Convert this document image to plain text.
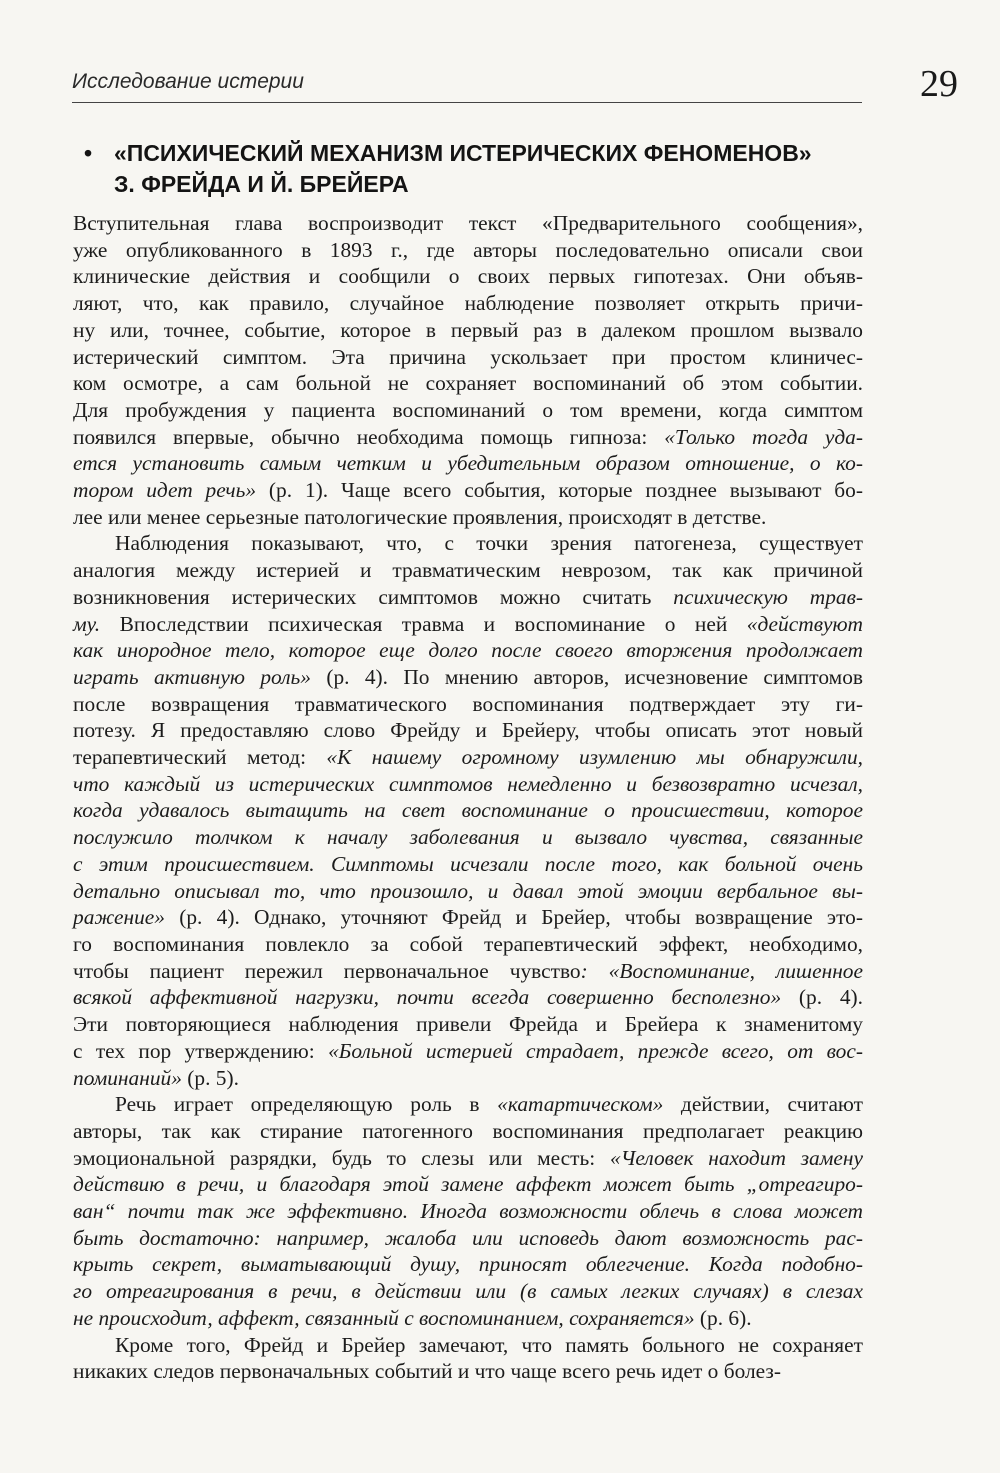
Исследование истерии	29
• «ПСИХИЧЕСКИЙ МЕХАНИЗМ ИСТЕРИЧЕСКИХ ФЕНОМЕНОВ»
З. ФРЕЙДА И Й. БРЕЙЕРА
Вступительная глава воспроизводит текст «Предварительного сообщения»,
уже опубликованного в 1893 г., где авторы последовательно описали свои
клинические действия и сообщили о своих первых гипотезах. Они объяв-
ляют, что, как правило, случайное наблюдение позволяет открыть причи-
ну или, точнее, событие, которое в первый раз в далеком прошлом вызвало
истерический симптом. Эта причина ускользает при простом клиничес-
ком осмотре, а сам больной не сохраняет воспоминаний об этом событии.
Для пробуждения у пациента воспоминаний о том времени, когда симптом
появился впервые, обычно необходима помощь гипноза: «Только тогда уда-
ется установить самым четким и убедительным образом отношение, о ко-
тором идет речь» (p. 1). Чаще всего события, которые позднее вызывают бо-
лее или менее серьезные патологические проявления, происходят в детстве.
Наблюдения показывают, что, с точки зрения патогенеза, существует
аналогия между истерией и травматическим неврозом, так как причиной
возникновения истерических симптомов можно считать психическую трав-
му. Впоследствии психическая травма и воспоминание о ней «действуют
как инородное тело, которое еще долго после своего вторжения продолжает
играть активную роль» (p. 4). По мнению авторов, исчезновение симптомов
после возвращения травматического воспоминания подтверждает эту ги-
потезу. Я предоставляю слово Фрейду и Брейеру, чтобы описать этот новый
терапевтический метод: «К нашему огромному изумлению мы обнаружили,
что каждый из истерических симптомов немедленно и безвозвратно исчезал,
когда удавалось вытащить на свет воспоминание о происшествии, которое
послужило толчком к началу заболевания и вызвало чувства, связанные
с этим происшествием. Симптомы исчезали после того, как больной очень
детально описывал то, что произошло, и давал этой эмоции вербальное вы-
ражение» (p. 4). Однако, уточняют Фрейд и Брейер, чтобы возвращение это-
го воспоминания повлекло за собой терапевтический эффект, необходимо,
чтобы пациент пережил первоначальное чувство: «Воспоминание, лишенное
всякой аффективной нагрузки, почти всегда совершенно бесполезно» (p. 4).
Эти повторяющиеся наблюдения привели Фрейда и Брейера к знаменитому
с тех пор утверждению: «Больной истерией страдает, прежде всего, от вос-
поминаний» (p. 5).
Речь играет определяющую роль в «катартическом» действии, считают
авторы, так как стирание патогенного воспоминания предполагает реакцию
эмоциональной разрядки, будь то слезы или месть: «Человек находит замену
действию в речи, и благодаря этой замене аффект может быть „отреагиро-
ван“ почти так же эффективно. Иногда возможности облечь в слова может
быть достаточно: например, жалоба или исповедь дают возможность рас-
крыть секрет, выматывающий душу, приносят облегчение. Когда подобно-
го отреагирования в речи, в действии или (в самых легких случаях) в слезах
не происходит, аффект, связанный с воспоминанием, сохраняется» (p. 6).
Кроме того, Фрейд и Брейер замечают, что память больного не сохраняет
никаких следов первоначальных событий и что чаще всего речь идет о болез-
